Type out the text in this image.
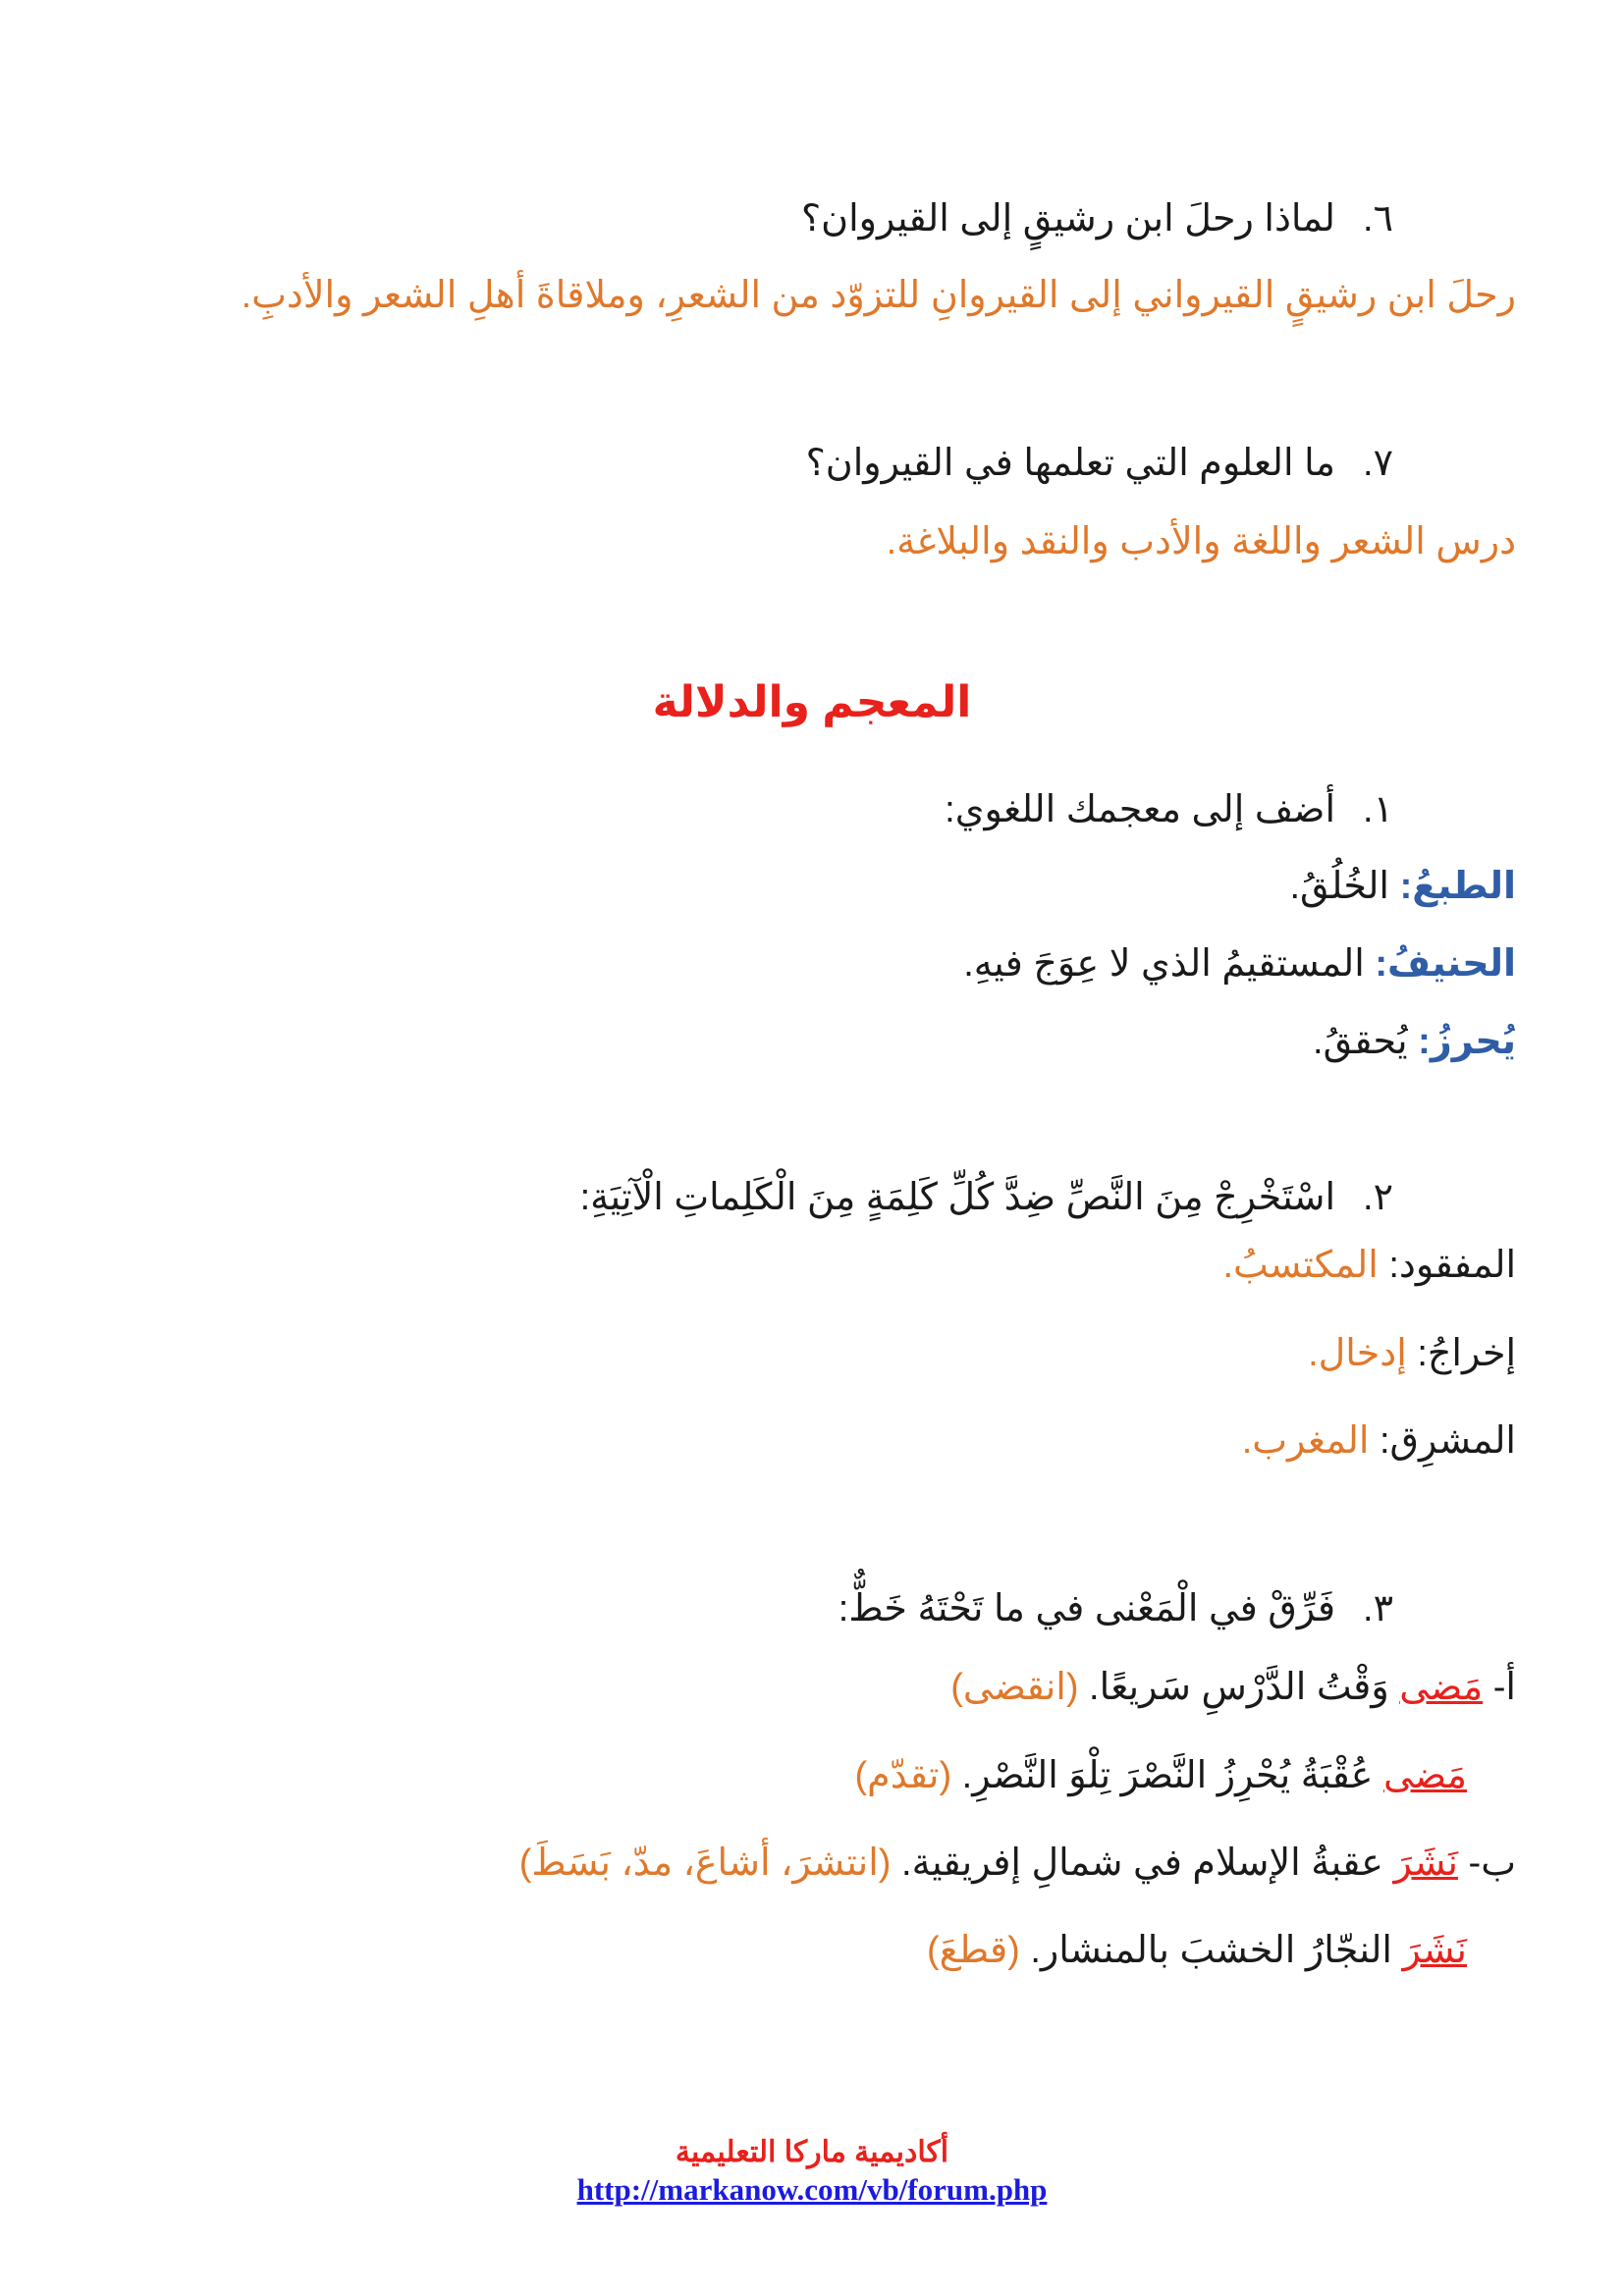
٦.لماذا رحلَ ابن رشيقٍ إلى القيروان؟
رحلَ ابن رشيقٍ القيرواني إلى القيروانِ للتزوّد من الشعرِ، وملاقاةَ أهلِ الشعر والأدبِ.
٧.ما العلوم التي تعلمها في القيروان؟
درس الشعر واللغة والأدب والنقد والبلاغة.
المعجم والدلالة
١.أضف إلى معجمك اللغوي:
الطبعُ: الخُلُقُ.
الحنيفُ: المستقيمُ الذي لا عِوَجَ فيهِ.
يُحرزُ: يُحققُ.
٢.اسْتَخْرِجْ مِنَ النَّصِّ ضِدَّ كُلِّ كَلِمَةٍ مِنَ الْكَلِماتِ الْآتِيَةِ:
المفقود: المكتسبُ.
إخراجُ: إدخال.
المشرِق: المغرب.
٣.فَرِّقْ في الْمَعْنى في ما تَحْتَهُ خَطٌّ:
أ- مَضى وَقْتُ الدَّرْسِ سَريعًا. (انقضى)
مَضى عُقْبَةُ يُحْرِزُ النَّصْرَ تِلْوَ النَّصْرِ. (تقدّم)
ب- نَشَرَ عقبةُ الإسلام في شمالِ إفريقية. (انتشرَ، أشاعَ، مدّ، بَسَطَ)
نَشَرَ النجّارُ الخشبَ بالمنشار. (قطعَ)
أكاديمية ماركا التعليمية
http://markanow.com/vb/forum.php
